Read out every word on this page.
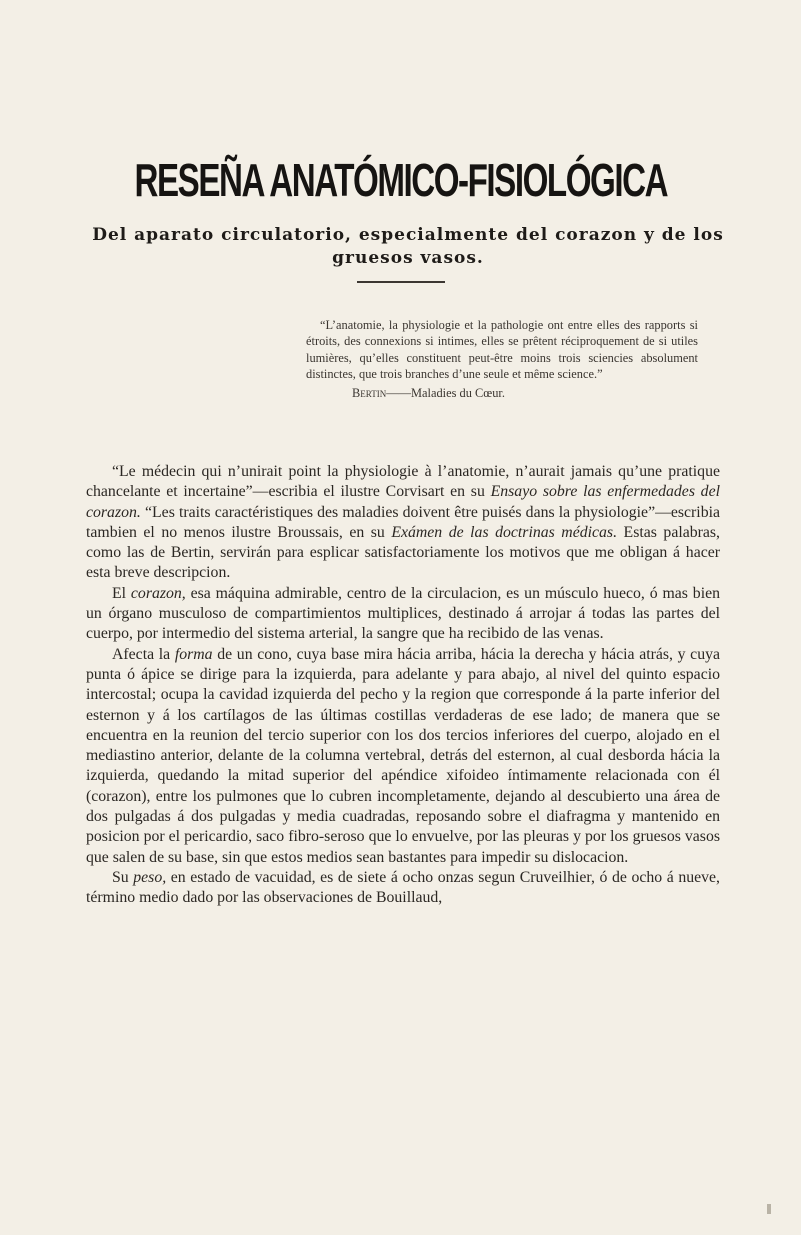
RESEÑA ANATÓMICO-FISIOLÓGICA
Del aparato circulatorio, especialmente del corazon y de los gruesos vasos.

“L’anatomie, la physiologie et la pathologie ont entre elles des rapports si étroits, des connexions si intimes, elles se prêtent réciproquement de si utiles lumières, qu’elles constituent peut-être moins trois sciencies absolument distinctes, que trois branches d’une seule et même science.”

Bertin——Maladies du Cœur.

“Le médecin qui n’unirait point la physiologie à l’anatomie, n’aurait jamais qu’une pratique chancelante et incertaine”—escribia el ilustre Corvisart en su Ensayo sobre las enfermedades del corazon. “Les traits caractéristiques des maladies doivent être puisés dans la physiologie”—escribia tambien el no menos ilustre Broussais, en su Exámen de las doctrinas médicas. Estas palabras, como las de Bertin, servirán para esplicar satisfactoriamente los motivos que me obligan á hacer esta breve descripcion.

El corazon, esa máquina admirable, centro de la circulacion, es un músculo hueco, ó mas bien un órgano musculoso de compartimientos multiplices, destinado á arrojar á todas las partes del cuerpo, por intermedio del sistema arterial, la sangre que ha recibido de las venas.

Afecta la forma de un cono, cuya base mira hácia arriba, hácia la derecha y hácia atrás, y cuya punta ó ápice se dirige para la izquierda, para adelante y para abajo, al nivel del quinto espacio intercostal; ocupa la cavidad izquierda del pecho y la region que corresponde á la parte inferior del esternon y á los cartílagos de las últimas costillas verdaderas de ese lado; de manera que se encuentra en la reunion del tercio superior con los dos tercios inferiores del cuerpo, alojado en el mediastino anterior, delante de la columna vertebral, detrás del esternon, al cual desborda hácia la izquierda, quedando la mitad superior del apéndice xifoideo íntimamente relacionada con él (corazon), entre los pulmones que lo cubren incompletamente, dejando al descubierto una área de dos pulgadas á dos pulgadas y media cuadradas, reposando sobre el diafragma y mantenido en posicion por el pericardio, saco fibro-seroso que lo envuelve, por las pleuras y por los gruesos vasos que salen de su base, sin que estos medios sean bastantes para impedir su dislocacion.

Su peso, en estado de vacuidad, es de siete á ocho onzas segun Cruveilhier, ó de ocho á nueve, término medio dado por las observaciones de Bouillaud,
